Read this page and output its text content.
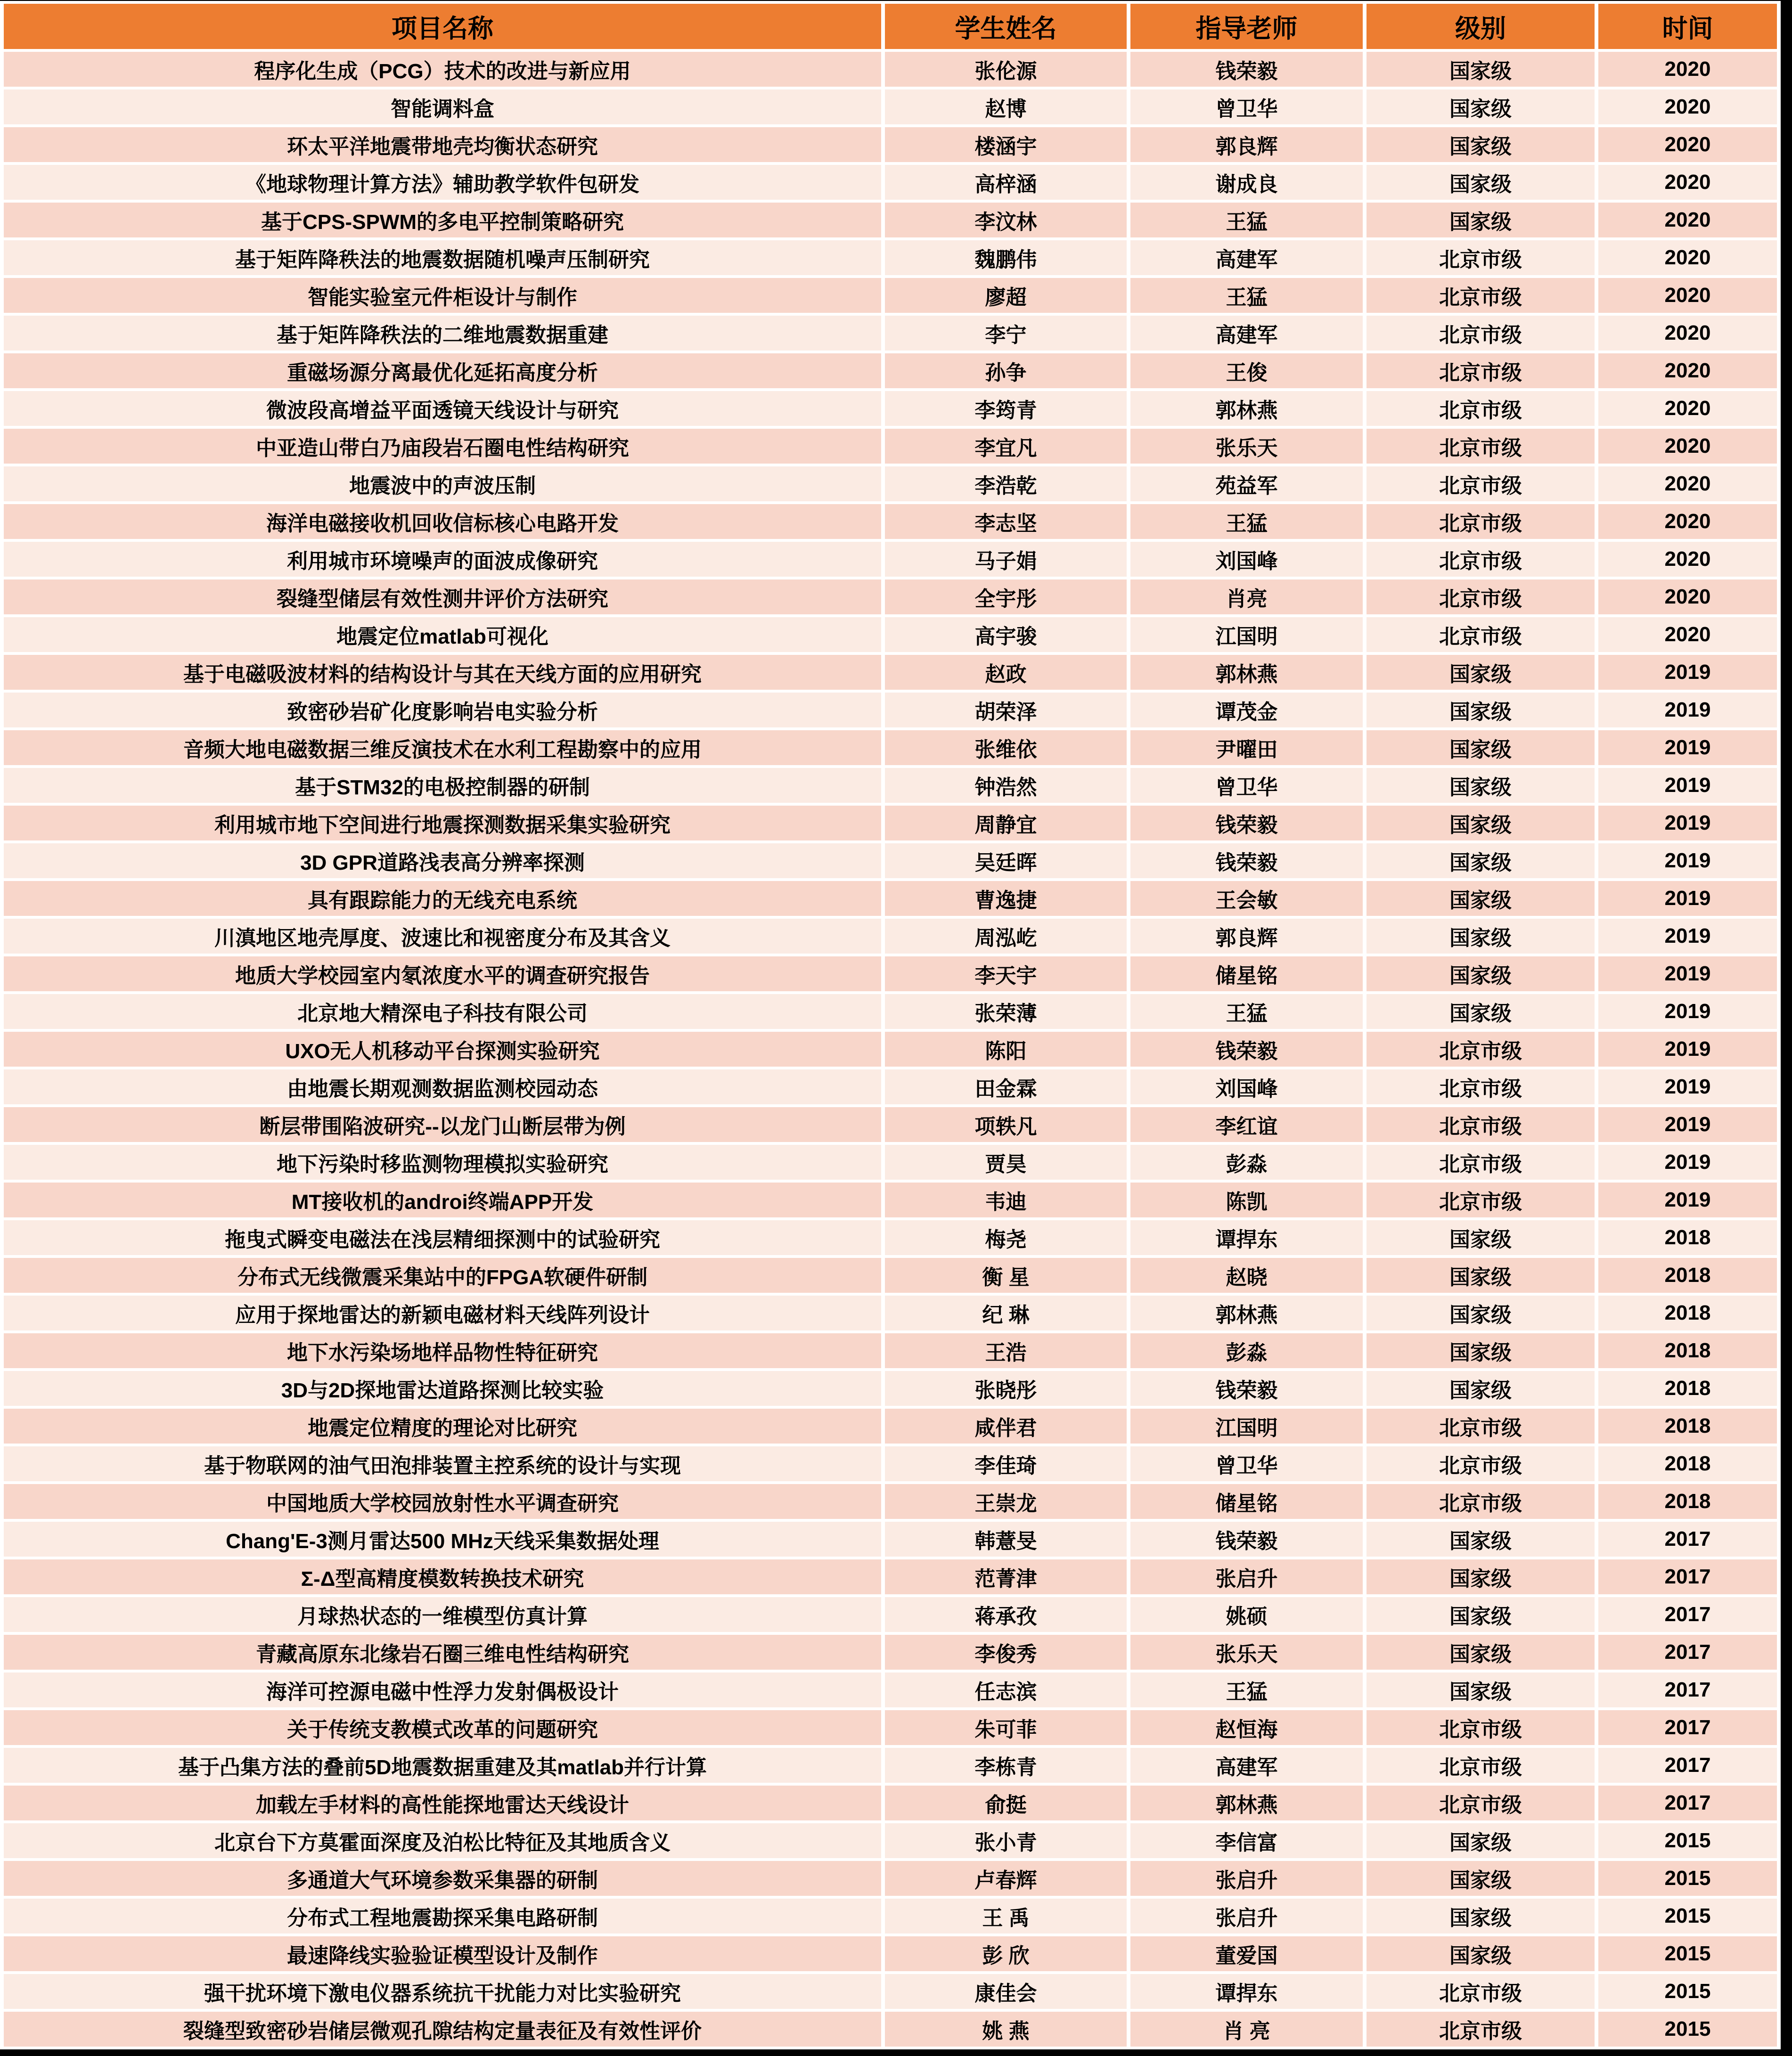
项目名称	学生姓名	指导老师	级别	时间
程序化生成（PCG）技术的改进与新应用	张伦源	钱荣毅	国家级	2020
智能调料盒	赵博	曾卫华	国家级	2020
环太平洋地震带地壳均衡状态研究	楼涵宇	郭良辉	国家级	2020
《地球物理计算方法》辅助教学软件包研发	高梓涵	谢成良	国家级	2020
基于CPS-SPWM的多电平控制策略研究	李汶林	王猛	国家级	2020
基于矩阵降秩法的地震数据随机噪声压制研究	魏鹏伟	高建军	北京市级	2020
智能实验室元件柜设计与制作	廖超	王猛	北京市级	2020
基于矩阵降秩法的二维地震数据重建	李宁	高建军	北京市级	2020
重磁场源分离最优化延拓高度分析	孙争	王俊	北京市级	2020
微波段高增益平面透镜天线设计与研究	李筠青	郭林燕	北京市级	2020
中亚造山带白乃庙段岩石圈电性结构研究	李宜凡	张乐天	北京市级	2020
地震波中的声波压制	李浩乾	苑益军	北京市级	2020
海洋电磁接收机回收信标核心电路开发	李志坚	王猛	北京市级	2020
利用城市环境噪声的面波成像研究	马子娟	刘国峰	北京市级	2020
裂缝型储层有效性测井评价方法研究	全宇彤	肖亮	北京市级	2020
地震定位matlab可视化	高宇骏	江国明	北京市级	2020
基于电磁吸波材料的结构设计与其在天线方面的应用研究	赵政	郭林燕	国家级	2019
致密砂岩矿化度影响岩电实验分析	胡荣泽	谭茂金	国家级	2019
音频大地电磁数据三维反演技术在水利工程勘察中的应用	张维依	尹曜田	国家级	2019
基于STM32的电极控制器的研制	钟浩然	曾卫华	国家级	2019
利用城市地下空间进行地震探测数据采集实验研究	周静宜	钱荣毅	国家级	2019
3D GPR道路浅表高分辨率探测	吴廷晖	钱荣毅	国家级	2019
具有跟踪能力的无线充电系统	曹逸捷	王会敏	国家级	2019
川滇地区地壳厚度、波速比和视密度分布及其含义	周泓屹	郭良辉	国家级	2019
地质大学校园室内氡浓度水平的调查研究报告	李天宇	储星铭	国家级	2019
北京地大精深电子科技有限公司	张荣薄	王猛	国家级	2019
UXO无人机移动平台探测实验研究	陈阳	钱荣毅	北京市级	2019
由地震长期观测数据监测校园动态	田金霖	刘国峰	北京市级	2019
断层带围陷波研究--以龙门山断层带为例	项轶凡	李红谊	北京市级	2019
地下污染时移监测物理模拟实验研究	贾昊	彭淼	北京市级	2019
MT接收机的androi终端APP开发	韦迪	陈凯	北京市级	2019
拖曳式瞬变电磁法在浅层精细探测中的试验研究	梅尧	谭捍东	国家级	2018
分布式无线微震采集站中的FPGA软硬件研制	衡 星	赵晓	国家级	2018
应用于探地雷达的新颖电磁材料天线阵列设计	纪 琳	郭林燕	国家级	2018
地下水污染场地样品物性特征研究	王浩	彭淼	国家级	2018
3D与2D探地雷达道路探测比较实验	张晓彤	钱荣毅	国家级	2018
地震定位精度的理论对比研究	咸伴君	江国明	北京市级	2018
基于物联网的油气田泡排装置主控系统的设计与实现	李佳琦	曾卫华	北京市级	2018
中国地质大学校园放射性水平调查研究	王崇龙	储星铭	北京市级	2018
Chang'E-3测月雷达500 MHz天线采集数据处理	韩薏旻	钱荣毅	国家级	2017
Σ-Δ型高精度模数转换技术研究	范菁津	张启升	国家级	2017
月球热状态的一维模型仿真计算	蒋承孜	姚硕	国家级	2017
青藏高原东北缘岩石圈三维电性结构研究	李俊秀	张乐天	国家级	2017
海洋可控源电磁中性浮力发射偶极设计	任志滨	王猛	国家级	2017
关于传统支教模式改革的问题研究	朱可菲	赵恒海	北京市级	2017
基于凸集方法的叠前5D地震数据重建及其matlab并行计算	李栋青	高建军	北京市级	2017
加载左手材料的高性能探地雷达天线设计	俞挺	郭林燕	北京市级	2017
北京台下方莫霍面深度及泊松比特征及其地质含义	张小青	李信富	国家级	2015
多通道大气环境参数采集器的研制	卢春辉	张启升	国家级	2015
分布式工程地震勘探采集电路研制	王 禹	张启升	国家级	2015
最速降线实验验证模型设计及制作	彭 欣	董爱国	国家级	2015
强干扰环境下激电仪器系统抗干扰能力对比实验研究	康佳会	谭捍东	北京市级	2015
裂缝型致密砂岩储层微观孔隙结构定量表征及有效性评价	姚 燕	肖 亮	北京市级	2015
